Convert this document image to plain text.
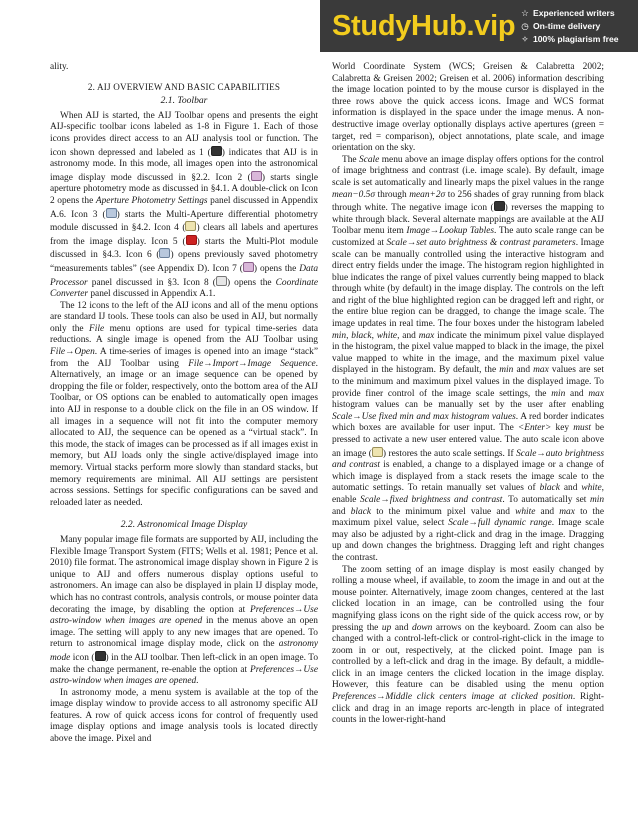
StudyHub.vip ☆ Experienced writers
◷ On-time delivery
✧ 100% plagiarism free

ality.

2. AIJ OVERVIEW AND BASIC CAPABILITIES
2.1. Toolbar

When AIJ is started, the AIJ Toolbar opens and presents the eight AIJ-specific toolbar icons labeled as 1-8 in Figure 1. Each of those icons provides direct access to an AIJ analysis tool or function. The icon shown depressed and labeled as 1 ( ) indicates that AIJ is in astronomy mode. In this mode, all images open into the astronomical image display mode discussed in §2.2. Icon 2 ( ) starts single aperture photometry mode as discussed in §4.1. A double-click on Icon 2 opens the Aperture Photometry Settings panel discussed in Appendix A.6. Icon 3 ( ) starts the Multi-Aperture differential photometry module discussed in §4.2. Icon 4 ( ) clears all labels and apertures from the image display. Icon 5 ( ) starts the Multi-Plot module discussed in §4.3. Icon 6 ( ) opens previously saved photometry “measurements tables” (see Appendix D). Icon 7 ( ) opens the Data Processor panel discussed in §3. Icon 8 ( ) opens the Coordinate Converter panel discussed in Appendix A.1.

The 12 icons to the left of the AIJ icons and all of the menu options are standard IJ tools. These tools can also be used in AIJ, but normally only the File menu options are used for typical time-series data reductions. A single image is opened from the AIJ Toolbar using File→Open. A time-series of images is opened into an image “stack” from the AIJ Toolbar using File→Import→Image Sequence. Alternatively, an image or an image sequence can be opened by dropping the file or folder, respectively, onto the bottom area of the AIJ Toolbar, or OS options can be enabled to automatically open images into AIJ in response to a double click on the file in an OS window. If all images in a sequence will not fit into the computer memory allocated to AIJ, the sequence can be opened as a “virtual stack”. In this mode, the stack of images can be processed as if all images exist in memory, but AIJ loads only the single active/displayed image into memory. Virtual stacks perform more slowly than standard stacks, but memory requirements are minimal. All AIJ settings are persistent across sessions. Settings for specific configurations can be saved and reloaded later as needed.

2.2. Astronomical Image Display

Many popular image file formats are supported by AIJ, including the Flexible Image Transport System (FITS; Wells et al. 1981; Pence et al. 2010) file format. The astronomical image display shown in Figure 2 is unique to AIJ and offers numerous display options useful to astronomers. An image can also be displayed in plain IJ display mode, which has no contrast controls, analysis controls, or mouse pointer data decorating the image, by disabling the option at Preferences→Use astro-window when images are opened in the menus above an open image. The setting will apply to any new images that are opened. To return to astronomical image display mode, click on the astronomy mode icon ( ) in the AIJ toolbar. Then left-click in an open image. To make the change permanent, re-enable the option at Preferences→Use astro-window when images are opened.

In astronomy mode, a menu system is available at the top of the image display window to provide access to all astronomy specific AIJ features. A row of quick access icons for control of frequently used image display options and image analysis tools is located directly above the image. Pixel and

World Coordinate System (WCS; Greisen & Calabretta 2002; Calabretta & Greisen 2002; Greisen et al. 2006) information describing the image location pointed to by the mouse cursor is displayed in the three rows above the quick access icons. Image and WCS format information is displayed in the space under the image menus. A non-destructive image overlay optionally displays active apertures (green = target, red = comparison), object annotations, plate scale, and image orientation on the sky.

The Scale menu above an image display offers options for the control of image brightness and contrast (i.e. image scale). By default, image scale is set automatically and linearly maps the pixel values in the range mean−0.5σ through mean+2σ to 256 shades of gray running from black through white. The negative image icon ( ) reverses the mapping to white through black. Several alternate mappings are available at the AIJ Toolbar menu item Image→Lookup Tables. The auto scale range can be customized at Scale→set auto brightness & contrast parameters. Image scale can be manually controlled using the interactive histogram and direct entry fields under the image. The histogram region highlighted in blue indicates the range of pixel values currently being mapped to black through white (by default) in the image display. The controls on the left and right of the blue highlighted region can be dragged left and right, or the entire blue region can be dragged, to change the image scale. The image updates in real time. The four boxes under the histogram labeled min, black, white, and max indicate the minimum pixel value displayed in the histogram, the pixel value mapped to black in the image, the pixel value mapped to white in the image, and the maximum pixel value displayed in the histogram. By default, the min and max values are set to the minimum and maximum pixel values in the displayed image. To provide finer control of the image scale settings, the min and max histogram values can be manually set by the user after enabling Scale→Use fixed min and max histogram values. A red border indicates which boxes are available for user input. The <Enter> key must be pressed to activate a new user entered value. The auto scale icon above an image ( ) restores the auto scale settings. If Scale→auto brightness and contrast is enabled, a change to a displayed image or a change of which image is displayed from a stack resets the image scale to the automatic settings. To retain manually set values of black and white, enable Scale→fixed brightness and contrast. To automatically set min and black to the minimum pixel value and white and max to the maximum pixel value, select Scale→full dynamic range. Image scale may also be adjusted by a right-click and drag in the image. Dragging up and down changes the brightness. Dragging left and right changes the contrast.

The zoom setting of an image display is most easily changed by rolling a mouse wheel, if available, to zoom the image in and out at the mouse pointer. Alternatively, image zoom changes, centered at the last clicked location in an image, can be controlled using the four magnifying glass icons on the right side of the quick access row, or by pressing the up and down arrows on the keyboard. Zoom can also be changed with a control-left-click or control-right-click in the image to zoom in or out, respectively, at the clicked point. Image pan is controlled by a left-click and drag in the image. By default, a middle-click in an image centers the clicked location in the image display. However, this feature can be disabled using the menu option Preferences→Middle click centers image at clicked position. Right-click and drag in an image reports arc-length in place of integrated counts in the lower-right-hand
